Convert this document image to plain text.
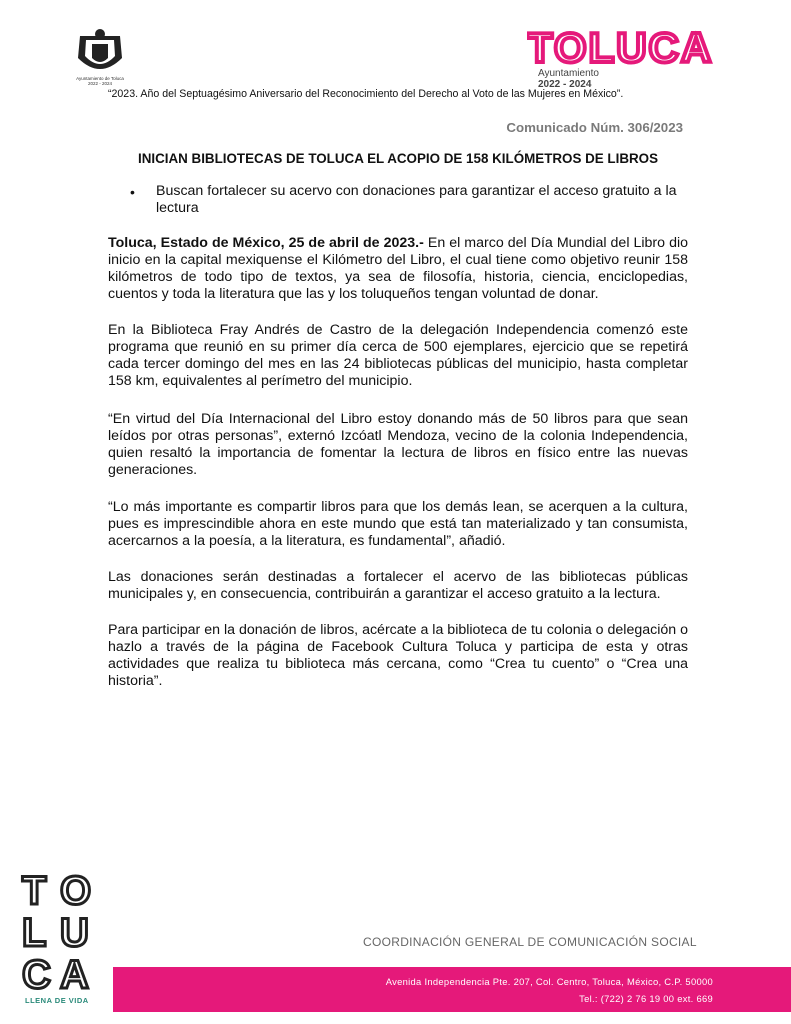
Ayuntamiento de Toluca
2022 - 2024
TOLUCA
Ayuntamiento
2022 - 2024
“2023. Año del Septuagésimo Aniversario del Reconocimiento del Derecho al Voto de las Mujeres en México”.
Comunicado Núm. 306/2023
INICIAN BIBLIOTECAS DE TOLUCA EL ACOPIO DE 158 KILÓMETROS DE LIBROS
•	Buscan fortalecer su acervo con donaciones para garantizar el acceso gratuito a la lectura
Toluca, Estado de México, 25 de abril de 2023.- En el marco del Día Mundial del Libro dio inicio en la capital mexiquense el Kilómetro del Libro, el cual tiene como objetivo reunir 158 kilómetros de todo tipo de textos, ya sea de filosofía, historia, ciencia, enciclopedias, cuentos y toda la literatura que las y los toluqueños tengan voluntad de donar.
En la Biblioteca Fray Andrés de Castro de la delegación Independencia comenzó este programa que reunió en su primer día cerca de 500 ejemplares, ejercicio que se repetirá cada tercer domingo del mes en las 24 bibliotecas públicas del municipio, hasta completar 158 km, equivalentes al perímetro del municipio.
“En virtud del Día Internacional del Libro estoy donando más de 50 libros para que sean leídos por otras personas”, externó Izcóatl Mendoza, vecino de la colonia Independencia, quien resaltó la importancia de fomentar la lectura de libros en físico entre las nuevas generaciones.
“Lo más importante es compartir libros para que los demás lean, se acerquen a la cultura, pues es imprescindible ahora en este mundo que está tan materializado y tan consumista, acercarnos a la poesía, a la literatura, es fundamental”, añadió.
Las donaciones serán destinadas a fortalecer el acervo de las bibliotecas públicas municipales y, en consecuencia, contribuirán a garantizar el acceso gratuito a la lectura.
Para participar en la donación de libros, acércate a la biblioteca de tu colonia o delegación o hazlo a través de la página de Facebook Cultura Toluca y participa de esta y otras actividades que realiza tu biblioteca más cercana, como “Crea tu cuento” o “Crea una historia”.
T O
L U
C A
LLENA DE VIDA
COORDINACIÓN GENERAL DE COMUNICACIÓN SOCIAL
Avenida Independencia Pte. 207, Col. Centro, Toluca, México, C.P. 50000
Tel.: (722) 2 76 19 00 ext. 669
